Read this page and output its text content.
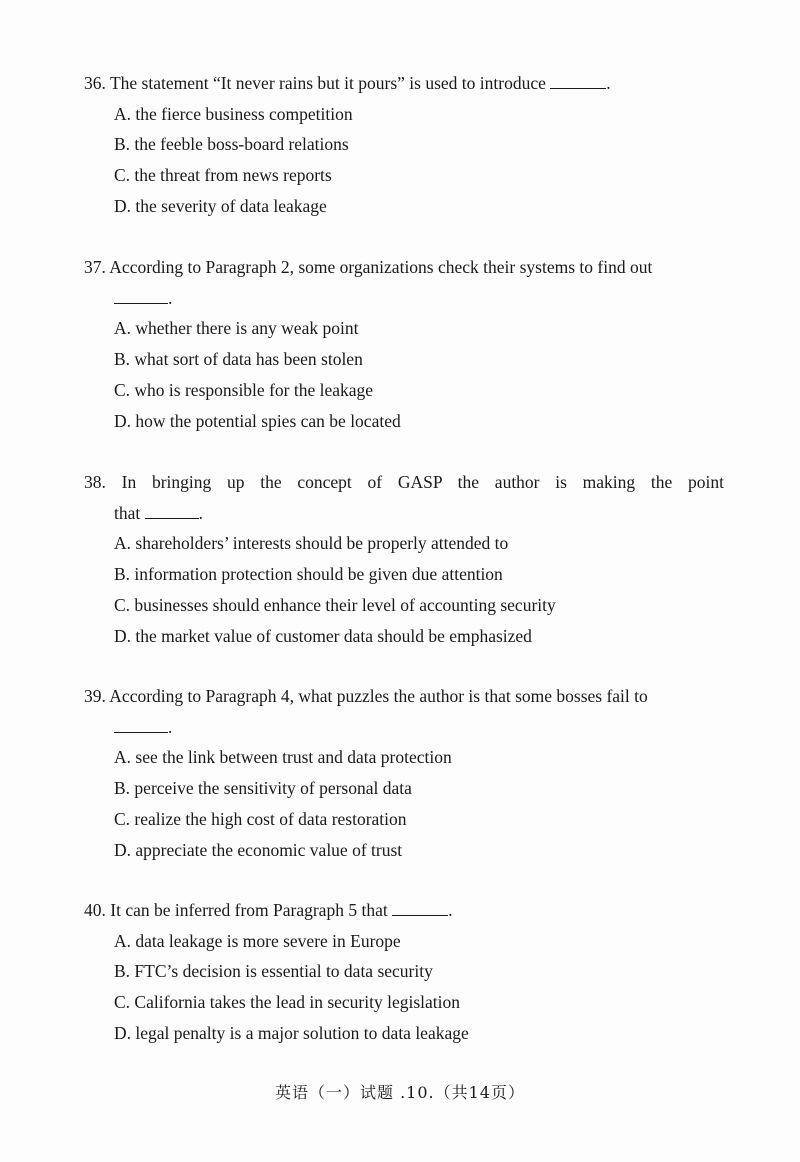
36. The statement “It never rains but it pours” is used to introduce	.

A. the fierce business competition
B. the feeble boss-board relations
C. the threat from news reports
D. the severity of data leakage

37. According to Paragraph 2, some organizations check their systems to find out

.

A. whether there is any weak point
B. what sort of data has been stolen
C. who is responsible for the leakage
D. how the potential spies can be located

38. In bringing up the concept of GASP the author is making the point

that	.

A. shareholders’ interests should be properly attended to
B. information protection should be given due attention
C. businesses should enhance their level of accounting security
D. the market value of customer data should be emphasized

39. According to Paragraph 4, what puzzles the author is that some bosses fail to

.

A. see the link between trust and data protection
B. perceive the sensitivity of personal data
C. realize the high cost of data restoration
D. appreciate the economic value of trust

40. It can be inferred from Paragraph 5 that	.

A. data leakage is more severe in Europe
B. FTC’s decision is essential to data security
C. California takes the lead in security legislation
D. legal penalty is a major solution to data leakage
英语（一）试题 .10.（共14页）
